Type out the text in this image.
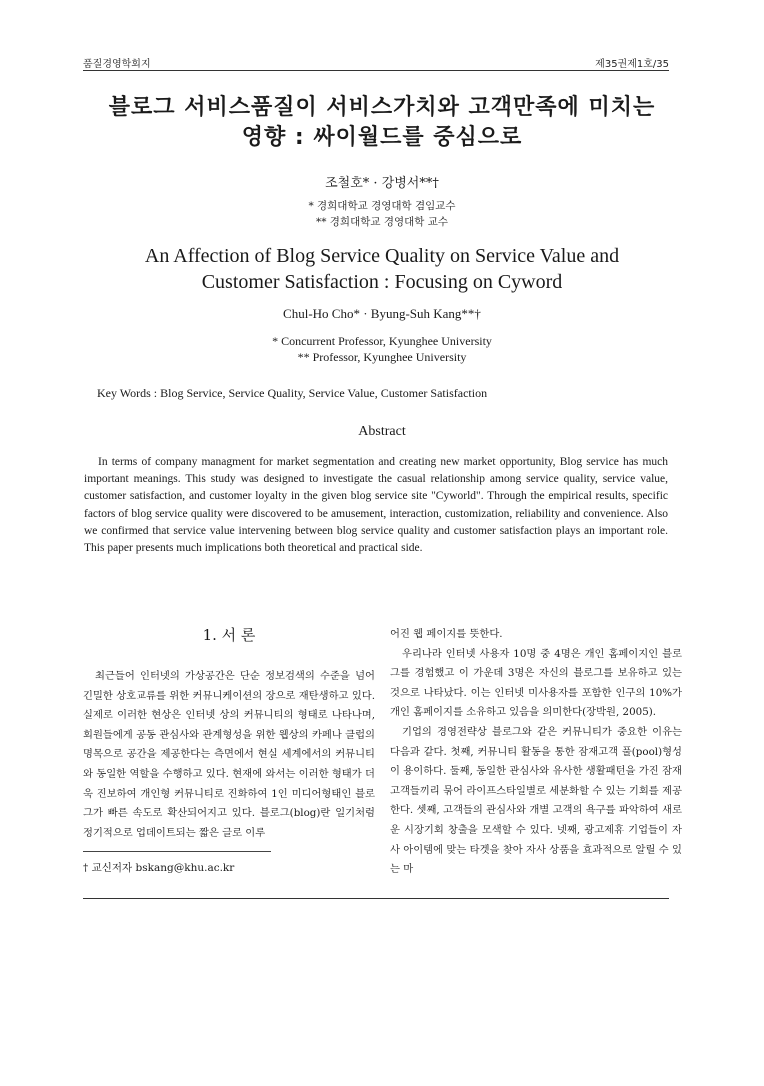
품질경영학회지	제35권제1호/35
블로그 서비스품질이 서비스가치와 고객만족에 미치는
영향 : 싸이월드를 중심으로
조철호* · 강병서**†
* 경희대학교 경영대학 겸임교수
** 경희대학교 경영대학 교수
An Affection of Blog Service Quality on Service Value and
Customer Satisfaction : Focusing on Cyword
Chul-Ho Cho* · Byung-Suh Kang**†
* Concurrent Professor, Kyunghee University
** Professor, Kyunghee University
Key Words : Blog Service, Service Quality, Service Value, Customer Satisfaction
Abstract
In terms of company managment for market segmentation and creating new market opportunity, Blog service has much important meanings. This study was designed to investigate the casual relationship among service quality, service value, customer satisfaction, and customer loyalty in the given blog service site "Cyworld". Through the empirical results, specific factors of blog service quality were discovered to be amusement, interaction, customization, reliability and convenience. Also we confirmed that service value intervening between blog service quality and customer satisfaction plays an important role. This paper presents much implications both theoretical and practical side.
1. 서 론

최근들어 인터넷의 가상공간은 단순 정보검색의 수준을 넘어 긴밀한 상호교류를 위한 커뮤니케이션의 장으로 재탄생하고 있다. 실제로 이러한 현상은 인터넷 상의 커뮤니티의 형태로 나타나며, 회원들에게 공동 관심사와 관계형성을 위한 웹상의 카페나 클럽의 명목으로 공간을 제공한다는 측면에서 현실 세계에서의 커뮤니티와 동일한 역할을 수행하고 있다. 현재에 와서는 이러한 형태가 더욱 진보하여 개인형 커뮤니티로 진화하여 1인 미디어형태인 블로그가 빠른 속도로 확산되어지고 있다. 블로그(blog)란 일기처럼 정기적으로 업데이트되는 짧은 글로 이루

어진 웹 페이지를 뜻한다.

우리나라 인터넷 사용자 10명 중 4명은 개인 홈페이지인 블로그를 경험했고 이 가운데 3명은 자신의 블로그를 보유하고 있는 것으로 나타났다. 이는 인터넷 미사용자를 포함한 인구의 10%가 개인 홈페이지를 소유하고 있음을 의미한다(장박원, 2005).

기업의 경영전략상 블로그와 같은 커뮤니티가 중요한 이유는 다음과 같다. 첫째, 커뮤니티 활동을 통한 잠재고객 풀(pool)형성이 용이하다. 둘째, 동일한 관심사와 유사한 생활패턴을 가진 잠재고객들끼리 묶어 라이프스타일별로 세분화할 수 있는 기회를 제공한다. 셋째, 고객들의 관심사와 개별 고객의 욕구를 파악하여 새로운 시장기회 창출을 모색할 수 있다. 넷째, 광고제휴 기업들이 자사 아이템에 맞는 타겟을 찾아 자사 상품을 효과적으로 알릴 수 있는 마

† 교신저자 bskang@khu.ac.kr
